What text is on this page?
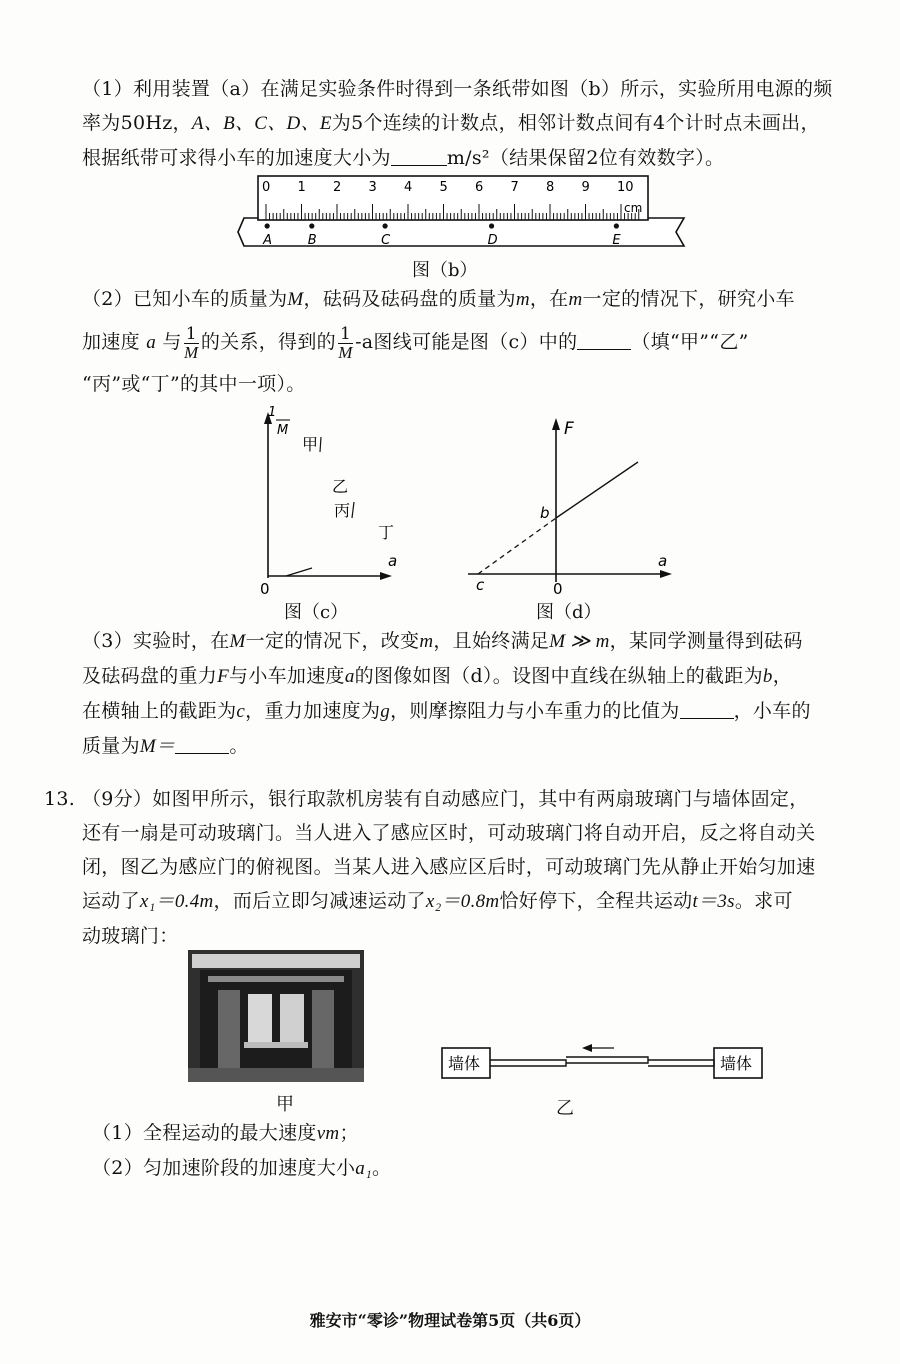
（1）利用装置（a）在满足实验条件时得到一条纸带如图（b）所示，实验所用电源的频
率为50Hz，A、B、C、D、E为5个连续的计数点，相邻计数点间有4个计时点未画出，
根据纸带可求得小车的加速度大小为	m/s²（结果保留2位有效数字）。
0 1 2 3 4 5 6 7 8 9 10
cm
A	B	C	D	E
图（b）
（2）已知小车的质量为M，砝码及砝码盘的质量为m，在m一定的情况下，研究小车
加速度 a 与 $\frac{1}{M}$ 的关系，得到的 $\frac{1}{M} -a$图线可能是图（c）中的	（填“甲”“乙”
“丙”或“丁”的其中一项）。
1
M
甲
乙
丙
丁
a
0
图（c）
F
b
c	0
a
图（d）
（3）实验时，在M一定的情况下，改变m，且始终满足M ≫ m，某同学测量得到砝码
及砝码盘的重力F与小车加速度a的图像如图（d）。设图中直线在纵轴上的截距为b，
在横轴上的截距为c，重力加速度为g，则摩擦阻力与小车重力的比值为	，小车的
质量为M＝	。
13. （9分）如图甲所示，银行取款机房装有自动感应门，其中有两扇玻璃门与墙体固定，
还有一扇是可动玻璃门。当人进入了感应区时，可动玻璃门将自动开启，反之将自动关
闭，图乙为感应门的俯视图。当某人进入感应区后时，可动玻璃门先从静止开始匀加速
运动了x₁＝0.4m，而后立即匀减速运动了x₂＝0.8m恰好停下，全程共运动t＝3s。求可
动玻璃门：
甲
墙体	墙体
乙
（1）全程运动的最大速度vm；
（2）匀加速阶段的加速度大小a₁。
雅安市“零诊”物理试卷第5页（共6页）
